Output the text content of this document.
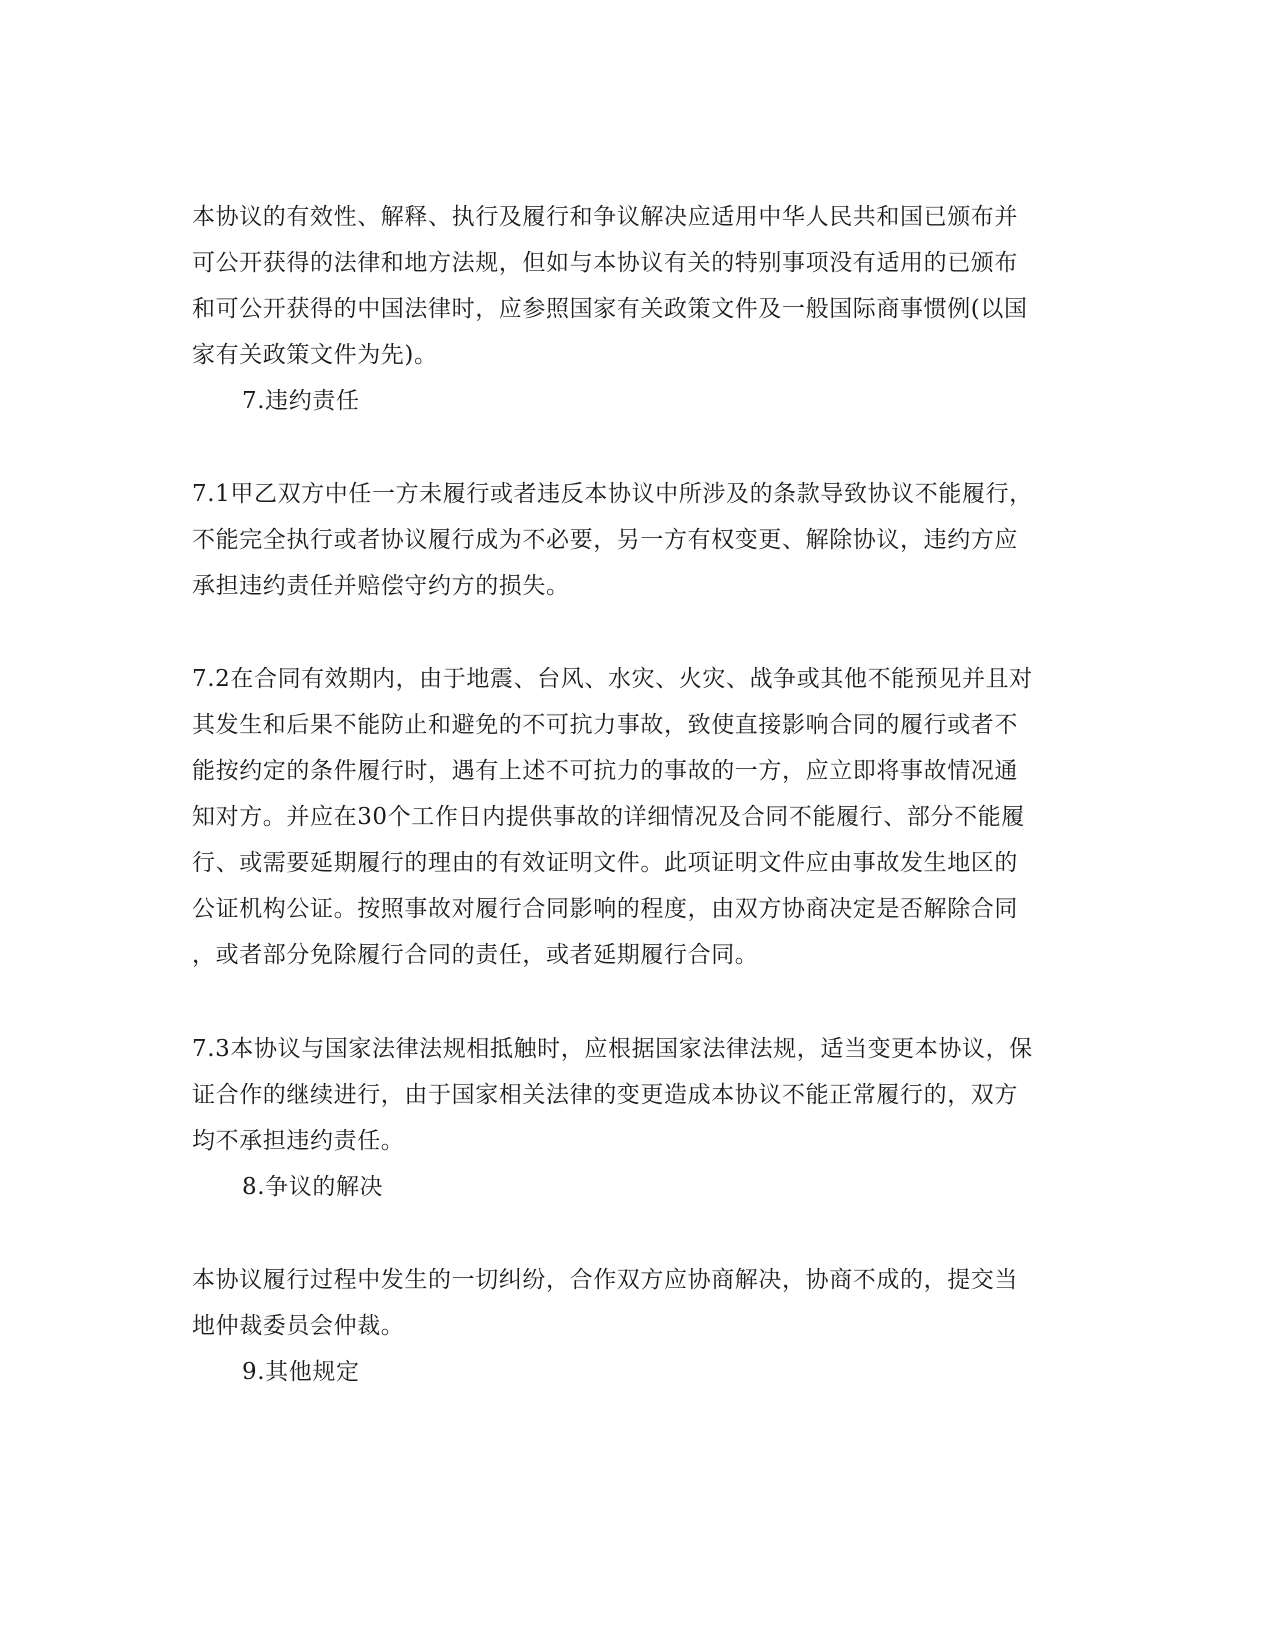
本协议的有效性、解释、执行及履行和争议解决应适用中华人民共和国已颁布并
可公开获得的法律和地方法规，但如与本协议有关的特别事项没有适用的已颁布
和可公开获得的中国法律时，应参照国家有关政策文件及一般国际商事惯例(以国
家有关政策文件为先)。
7.违约责任
7.1甲乙双方中任一方未履行或者违反本协议中所涉及的条款导致协议不能履行，
不能完全执行或者协议履行成为不必要，另一方有权变更、解除协议，违约方应
承担违约责任并赔偿守约方的损失。
7.2在合同有效期内，由于地震、台风、水灾、火灾、战争或其他不能预见并且对
其发生和后果不能防止和避免的不可抗力事故，致使直接影响合同的履行或者不
能按约定的条件履行时，遇有上述不可抗力的事故的一方，应立即将事故情况通
知对方。并应在30个工作日内提供事故的详细情况及合同不能履行、部分不能履
行、或需要延期履行的理由的有效证明文件。此项证明文件应由事故发生地区的
公证机构公证。按照事故对履行合同影响的程度，由双方协商决定是否解除合同
，或者部分免除履行合同的责任，或者延期履行合同。
7.3本协议与国家法律法规相抵触时，应根据国家法律法规，适当变更本协议，保
证合作的继续进行，由于国家相关法律的变更造成本协议不能正常履行的，双方
均不承担违约责任。
8.争议的解决
本协议履行过程中发生的一切纠纷，合作双方应协商解决，协商不成的，提交当
地仲裁委员会仲裁。
9.其他规定
